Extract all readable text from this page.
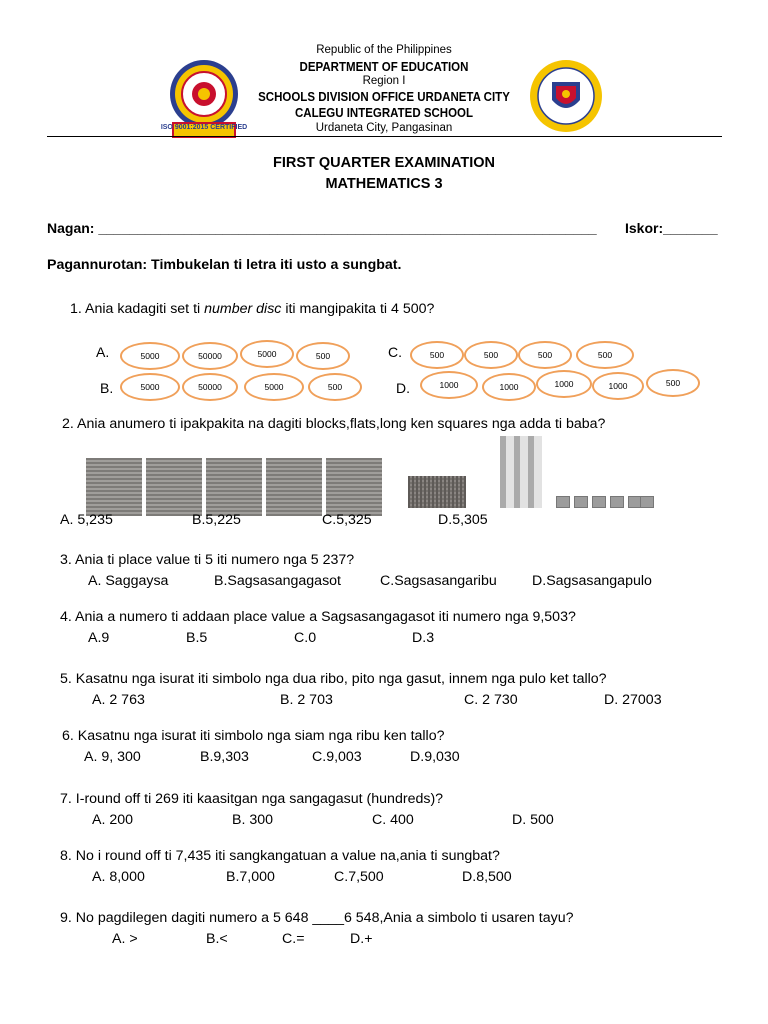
ISO 9001:2015 CERTIFIED
Republic of the Philippines
DEPARTMENT OF EDUCATION
Region I
SCHOOLS DIVISION OFFICE URDANETA CITY
CALEGU INTEGRATED SCHOOL
Urdaneta City, Pangasinan
FIRST QUARTER EXAMINATION
MATHEMATICS 3
Nagan: ________________________________________________________________ Iskor:_______
Pagannurotan: Timbukelan ti letra iti usto a sungbat.
1. Ania kadagiti set ti number disc iti mangipakita ti 4 500?
A.	5000	50000	5000	500
B.	5000	50000	5000	500
C.	500	500	500	500
D.	1000	1000	1000	1000	500
2. Ania anumero ti ipakpakita na dagiti blocks,flats,long ken squares nga adda ti baba?
A. 5,235	B.5,225	C.5,325	D.5,305
3. Ania ti place value ti 5 iti numero nga 5 237?
A. Saggaysa	B.Sagsasangagasot	C.Sagsasangaribu D.Sagsasangapulo
4. Ania a numero ti addaan place value a Sagsasangagasot iti numero nga 9,503?
A.9	B.5	C.0	D.3
5. Kasatnu nga isurat iti simbolo nga dua ribo, pito nga gasut, innem nga pulo ket tallo?
A. 2 763	B. 2 703	C. 2 730	D. 27003
6. Kasatnu nga isurat iti simbolo nga siam nga ribu ken tallo?
A. 9, 300	B.9,303	C.9,003	D.9,030
7. I-round off ti 269 iti kaasitgan nga sangagasut (hundreds)?
A. 200	B. 300	C. 400	D. 500
8. No i round off ti 7,435 iti sangkangatuan a value na,ania ti sungbat?
A. 8,000	B.7,000	C.7,500	D.8,500
9. No pagdilegen dagiti numero a 5 648 ____6 548,Ania a simbolo ti usaren tayu?
A. >	B.<	C.=	D.+
